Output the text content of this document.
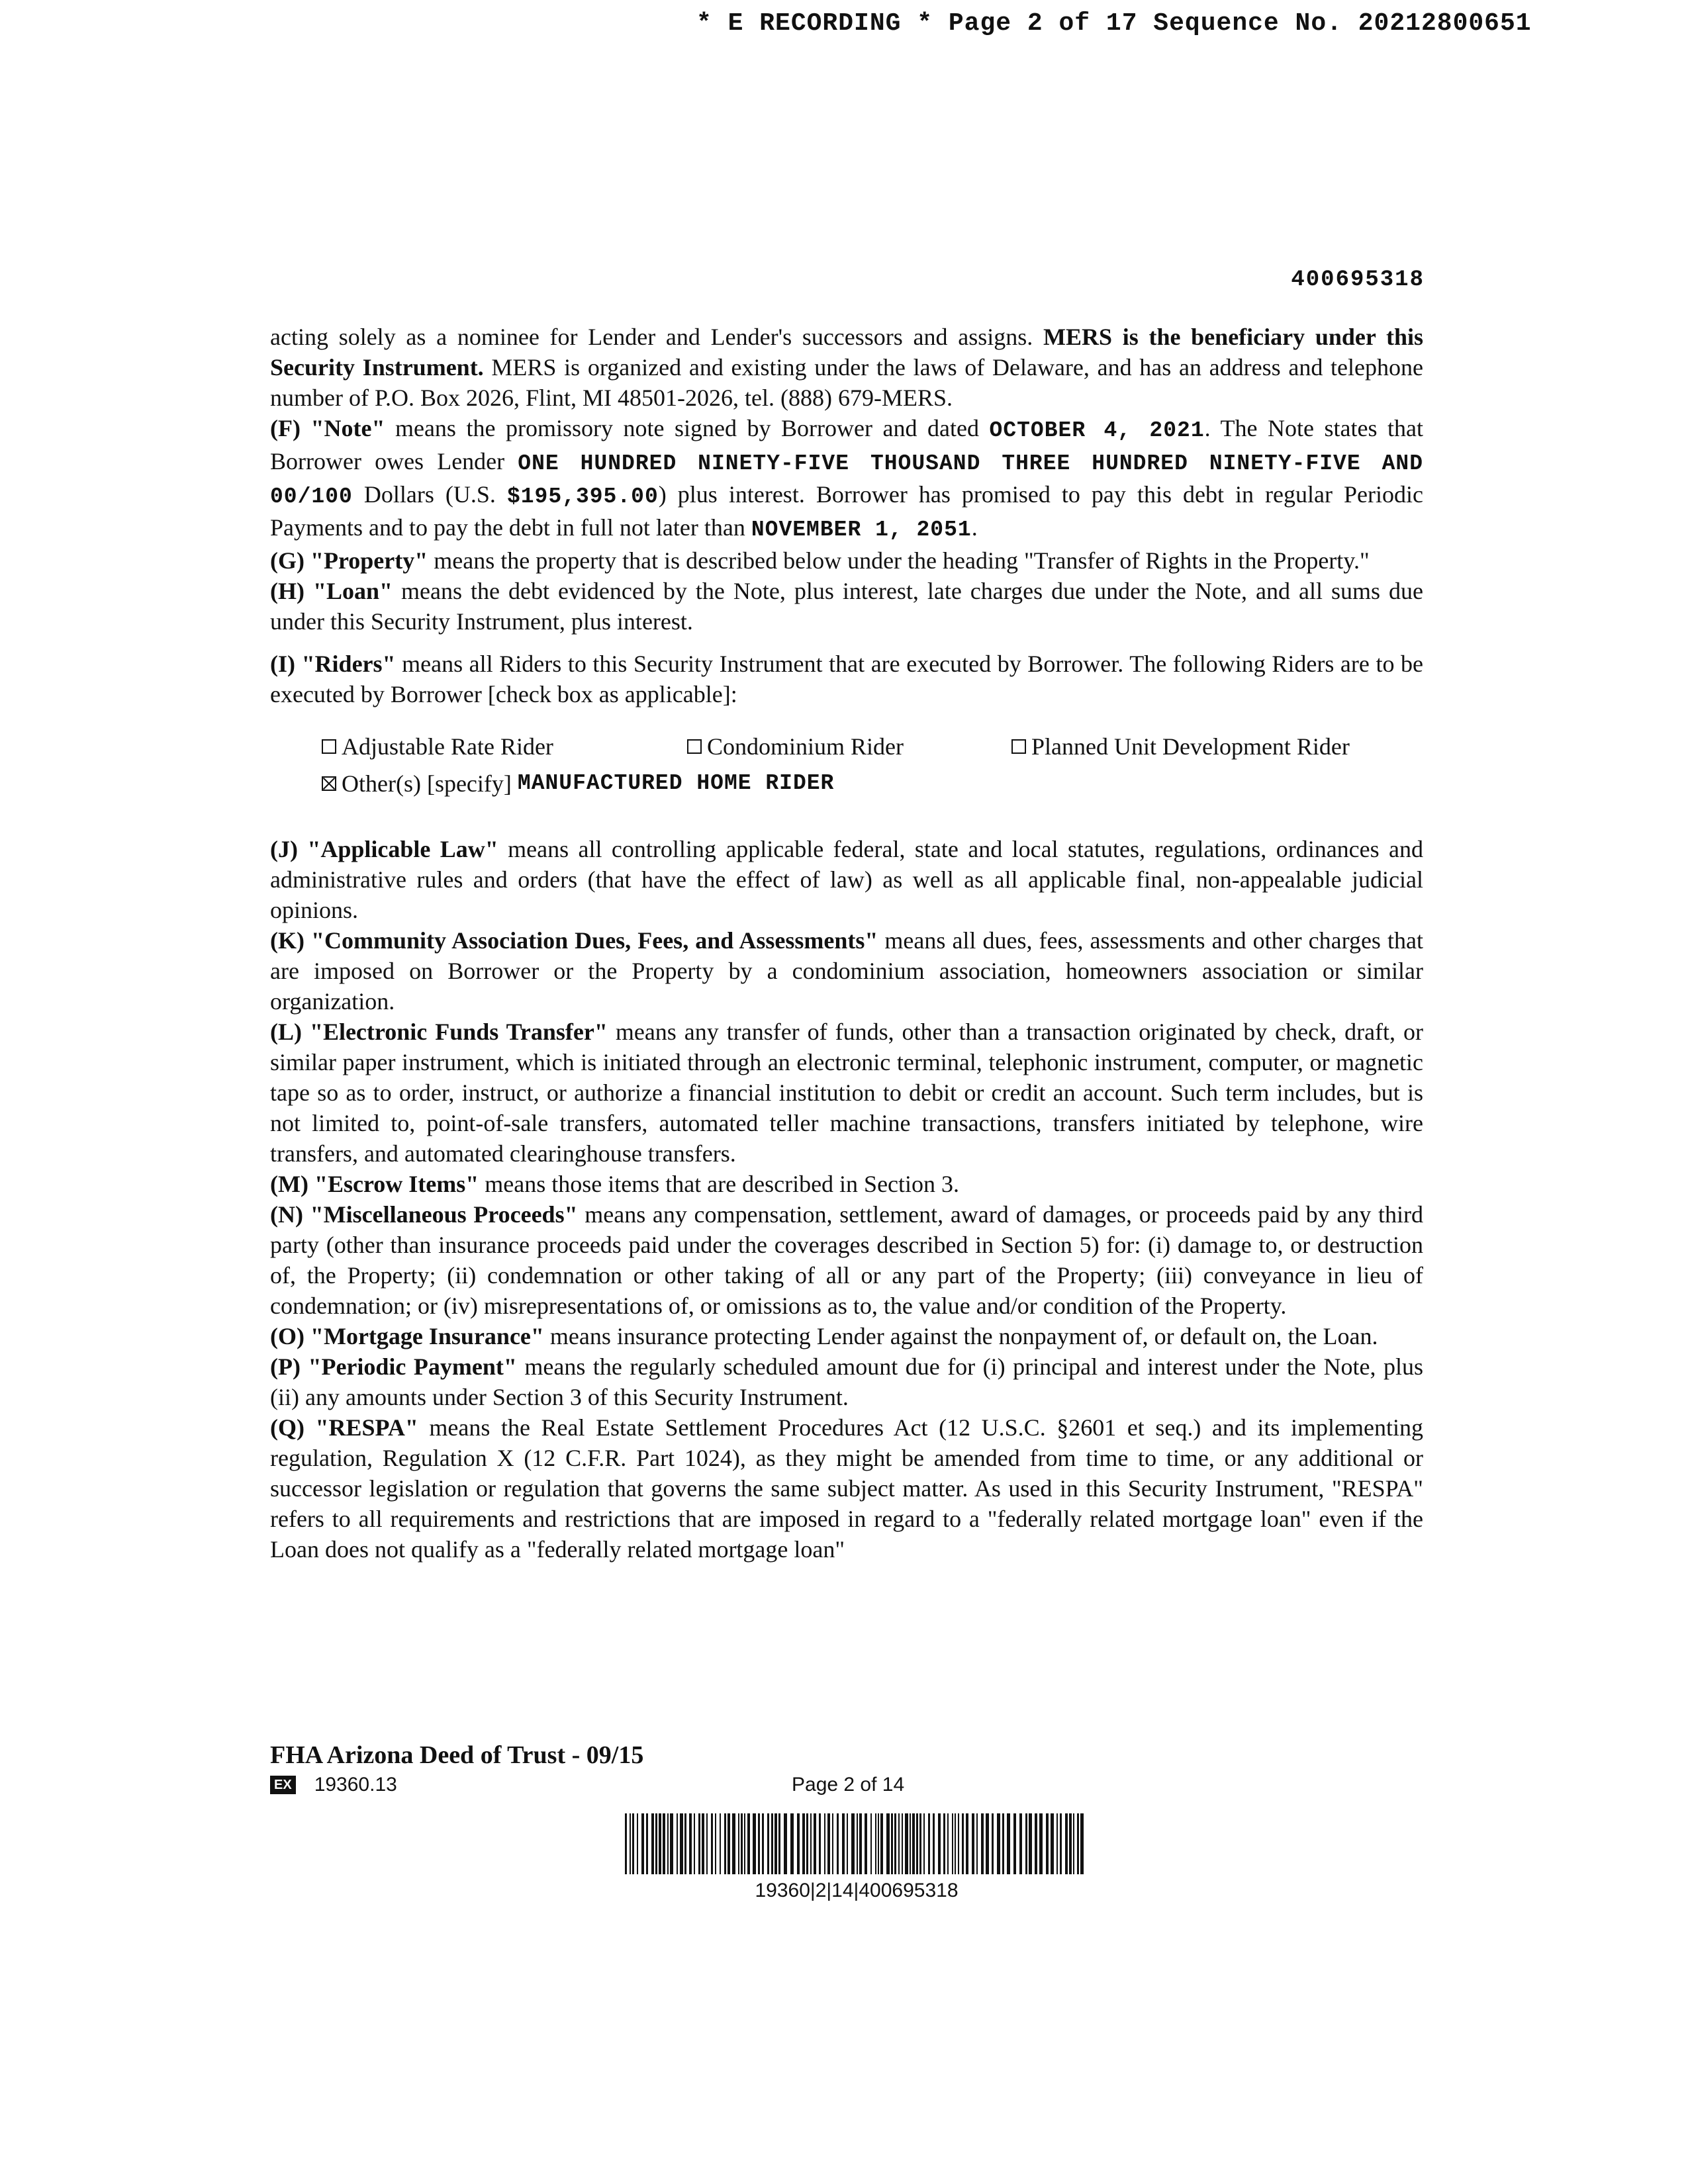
* E RECORDING * Page 2 of 17 Sequence No. 20212800651
400695318

acting solely as a nominee for Lender and Lender's successors and assigns. MERS is the beneficiary under this Security Instrument. MERS is organized and existing under the laws of Delaware, and has an address and telephone number of P.O. Box 2026, Flint, MI 48501-2026, tel. (888) 679-MERS.

(F) "Note" means the promissory note signed by Borrower and dated OCTOBER 4, 2021. The Note states that Borrower owes Lender ONE HUNDRED NINETY-FIVE THOUSAND THREE HUNDRED NINETY-FIVE AND 00/100 Dollars (U.S. $195,395.00) plus interest. Borrower has promised to pay this debt in regular Periodic Payments and to pay the debt in full not later than NOVEMBER 1, 2051.

(G) "Property" means the property that is described below under the heading "Transfer of Rights in the Property."

(H) "Loan" means the debt evidenced by the Note, plus interest, late charges due under the Note, and all sums due under this Security Instrument, plus interest.

(I) "Riders" means all Riders to this Security Instrument that are executed by Borrower. The following Riders are to be executed by Borrower [check box as applicable]:

Adjustable Rate Rider	Condominium Rider	Planned Unit Development Rider
Other(s) [specify]
MANUFACTURED HOME RIDER

(J) "Applicable Law" means all controlling applicable federal, state and local statutes, regulations, ordinances and administrative rules and orders (that have the effect of law) as well as all applicable final, non-appealable judicial opinions.

(K) "Community Association Dues, Fees, and Assessments" means all dues, fees, assessments and other charges that are imposed on Borrower or the Property by a condominium association, homeowners association or similar organization.

(L) "Electronic Funds Transfer" means any transfer of funds, other than a transaction originated by check, draft, or similar paper instrument, which is initiated through an electronic terminal, telephonic instrument, computer, or magnetic tape so as to order, instruct, or authorize a financial institution to debit or credit an account. Such term includes, but is not limited to, point-of-sale transfers, automated teller machine transactions, transfers initiated by telephone, wire transfers, and automated clearinghouse transfers.

(M) "Escrow Items" means those items that are described in Section 3.

(N) "Miscellaneous Proceeds" means any compensation, settlement, award of damages, or proceeds paid by any third party (other than insurance proceeds paid under the coverages described in Section 5) for: (i) damage to, or destruction of, the Property; (ii) condemnation or other taking of all or any part of the Property; (iii) conveyance in lieu of condemnation; or (iv) misrepresentations of, or omissions as to, the value and/or condition of the Property.

(O) "Mortgage Insurance" means insurance protecting Lender against the nonpayment of, or default on, the Loan.

(P) "Periodic Payment" means the regularly scheduled amount due for (i) principal and interest under the Note, plus (ii) any amounts under Section 3 of this Security Instrument.

(Q) "RESPA" means the Real Estate Settlement Procedures Act (12 U.S.C. §2601 et seq.) and its implementing regulation, Regulation X (12 C.F.R. Part 1024), as they might be amended from time to time, or any additional or successor legislation or regulation that governs the same subject matter. As used in this Security Instrument, "RESPA" refers to all requirements and restrictions that are imposed in regard to a "federally related mortgage loan" even if the Loan does not qualify as a "federally related mortgage loan"

FHA Arizona Deed of Trust - 09/15
EX 19360.13	Page 2 of 14
19360|2|14|400695318
